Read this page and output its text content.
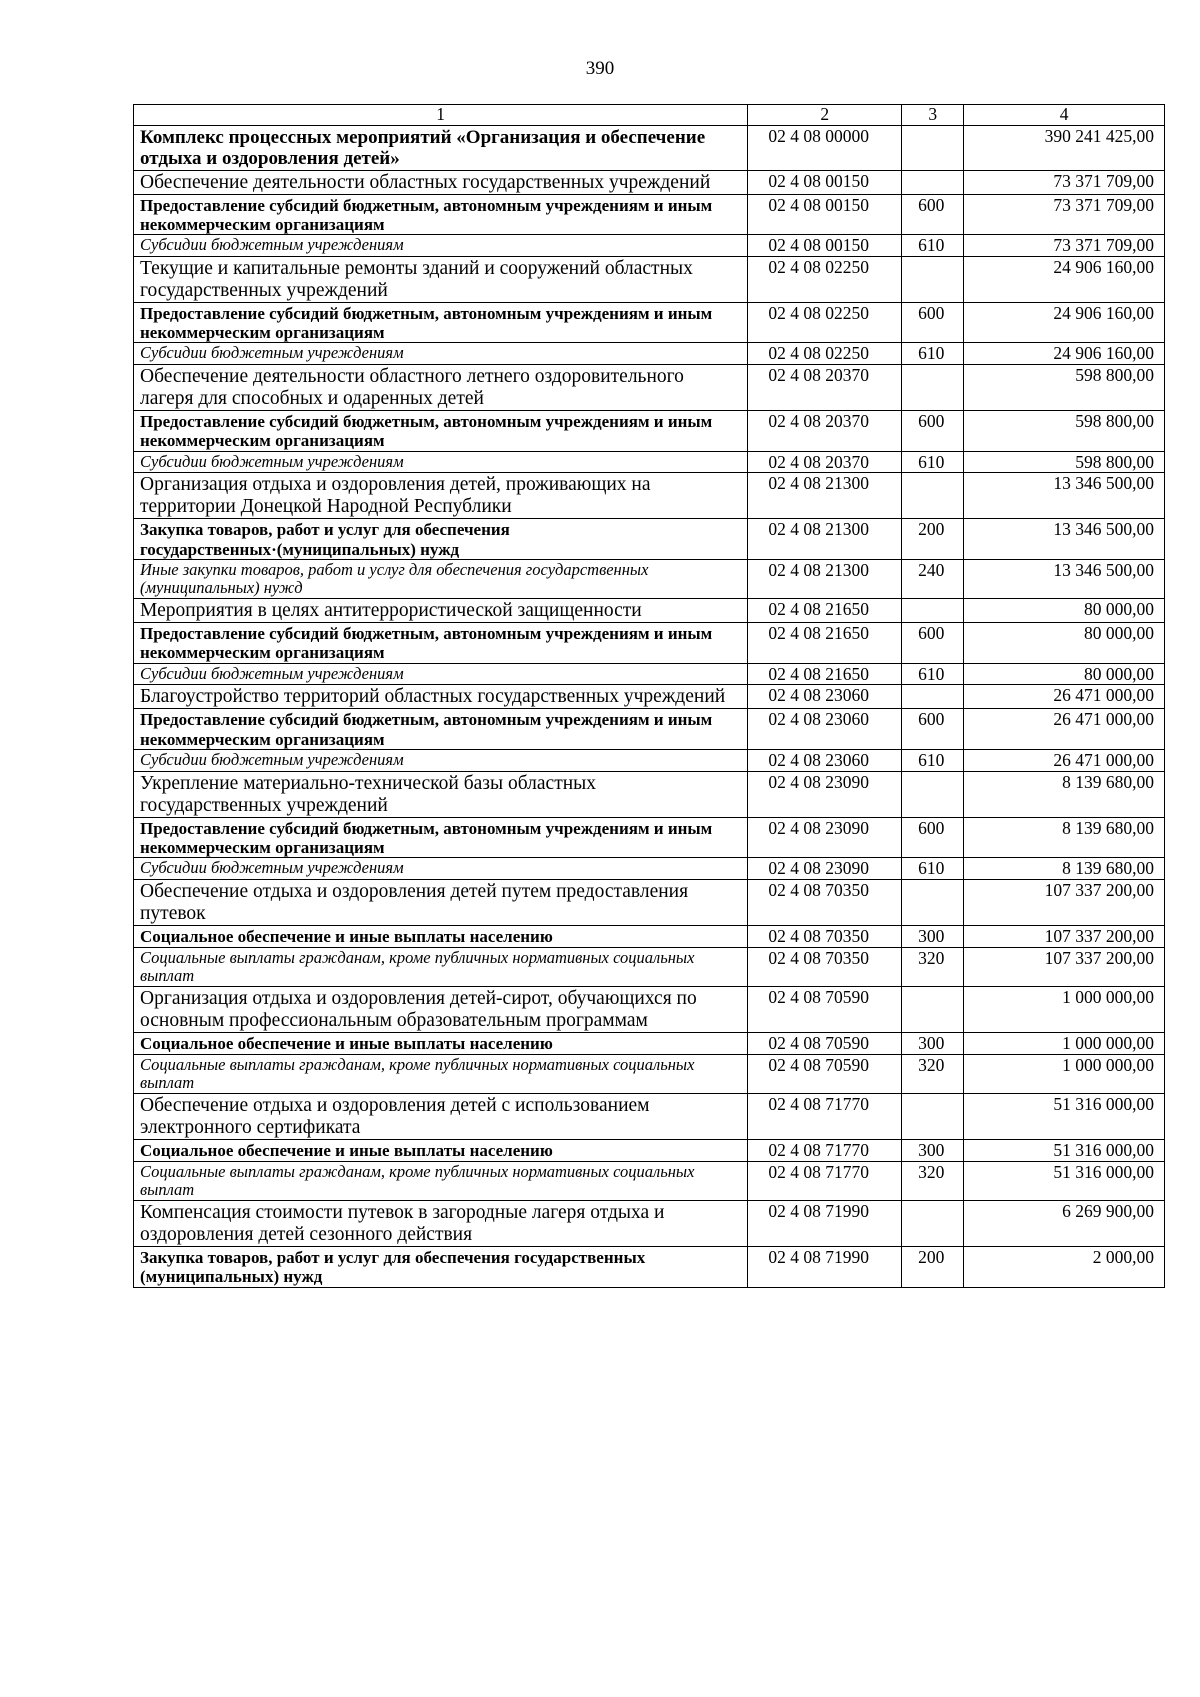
390
1	2	3	4
Комплекс процессных мероприятий «Организация и обеспечение отдыха и оздоровления детей»	02 4 08 00000		390 241 425,00
Обеспечение деятельности областных государственных учреждений	02 4 08 00150		73 371 709,00
Предоставление субсидий бюджетным, автономным учреждениям и иным некоммерческим организациям	02 4 08 00150	600	73 371 709,00
Субсидии бюджетным учреждениям	02 4 08 00150	610	73 371 709,00
Текущие и капитальные ремонты зданий и сооружений областных государственных учреждений	02 4 08 02250		24 906 160,00
Предоставление субсидий бюджетным, автономным учреждениям и иным некоммерческим организациям	02 4 08 02250	600	24 906 160,00
Субсидии бюджетным учреждениям	02 4 08 02250	610	24 906 160,00
Обеспечение деятельности областного летнего оздоровительного лагеря для способных и одаренных детей	02 4 08 20370		598 800,00
Предоставление субсидий бюджетным, автономным учреждениям и иным некоммерческим организациям	02 4 08 20370	600	598 800,00
Субсидии бюджетным учреждениям	02 4 08 20370	610	598 800,00
Организация отдыха и оздоровления детей, проживающих на территории Донецкой Народной Республики	02 4 08 21300		13 346 500,00
Закупка товаров, работ и услуг для обеспечения государственных·(муниципальных) нужд	02 4 08 21300	200	13 346 500,00
Иные закупки товаров, работ и услуг для обеспечения государственных (муниципальных) нужд	02 4 08 21300	240	13 346 500,00
Мероприятия в целях антитеррористической защищенности	02 4 08 21650		80 000,00
Предоставление субсидий бюджетным, автономным учреждениям и иным некоммерческим организациям	02 4 08 21650	600	80 000,00
Субсидии бюджетным учреждениям	02 4 08 21650	610	80 000,00
Благоустройство территорий областных государственных учреждений	02 4 08 23060		26 471 000,00
Предоставление субсидий бюджетным, автономным учреждениям и иным некоммерческим организациям	02 4 08 23060	600	26 471 000,00
Субсидии бюджетным учреждениям	02 4 08 23060	610	26 471 000,00
Укрепление материально-технической базы областных государственных учреждений	02 4 08 23090		8 139 680,00
Предоставление субсидий бюджетным, автономным учреждениям и иным некоммерческим организациям	02 4 08 23090	600	8 139 680,00
Субсидии бюджетным учреждениям	02 4 08 23090	610	8 139 680,00
Обеспечение отдыха и оздоровления детей путем предоставления путевок	02 4 08 70350		107 337 200,00
Социальное обеспечение и иные выплаты населению	02 4 08 70350	300	107 337 200,00
Социальные выплаты гражданам, кроме публичных нормативных социальных выплат	02 4 08 70350	320	107 337 200,00
Организация отдыха и оздоровления детей-сирот, обучающихся по основным профессиональным образовательным программам	02 4 08 70590		1 000 000,00
Социальное обеспечение и иные выплаты населению	02 4 08 70590	300	1 000 000,00
Социальные выплаты гражданам, кроме публичных нормативных социальных выплат	02 4 08 70590	320	1 000 000,00
Обеспечение отдыха и оздоровления детей с использованием электронного сертификата	02 4 08 71770		51 316 000,00
Социальное обеспечение и иные выплаты населению	02 4 08 71770	300	51 316 000,00
Социальные выплаты гражданам, кроме публичных нормативных социальных выплат	02 4 08 71770	320	51 316 000,00
Компенсация стоимости путевок в загородные лагеря отдыха и оздоровления детей сезонного действия	02 4 08 71990		6 269 900,00
Закупка товаров, работ и услуг для обеспечения государственных (муниципальных) нужд	02 4 08 71990	200	2 000,00
